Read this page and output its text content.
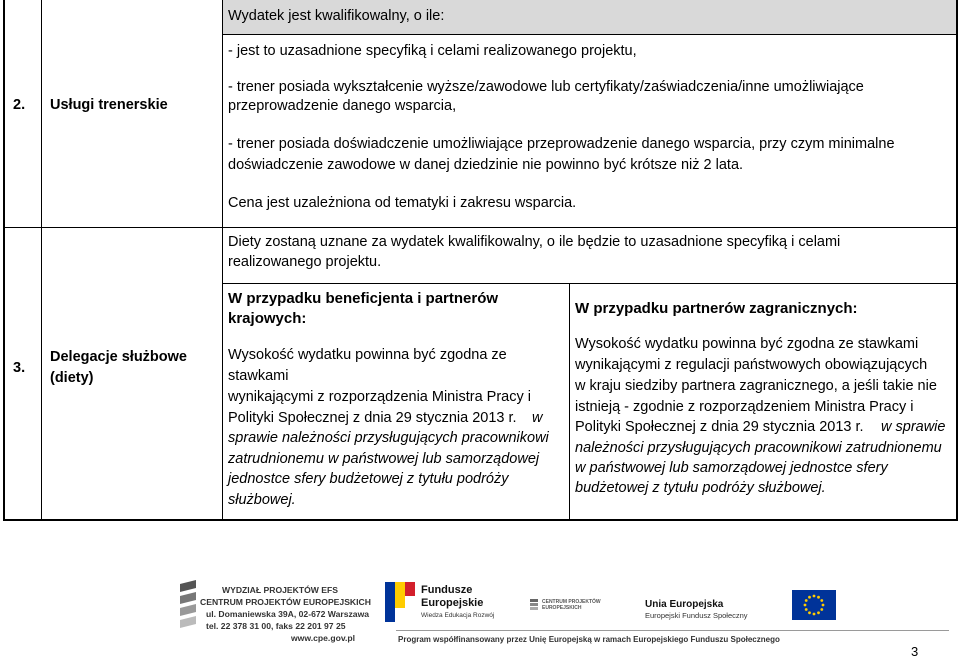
2. Usługi trenerskie
Wydatek jest kwalifikowalny, o ile:
- jest to uzasadnione specyfiką i celami realizowanego projektu,
- trener posiada wykształcenie wyższe/zawodowe lub certyfikaty/zaświadczenia/inne umożliwiające
przeprowadzenie danego wsparcia,
- trener posiada doświadczenie umożliwiające przeprowadzenie danego wsparcia, przy czym minimalne
doświadczenie zawodowe w danej dziedzinie nie powinno być krótsze niż 2 lata.
Cena jest uzależniona od tematyki i zakresu wsparcia.
3.
Delegacje służbowe
(diety)
Diety zostaną uznane za wydatek kwalifikowalny, o ile będzie to uzasadnione specyfiką i celami
realizowanego projektu.
W przypadku beneficjenta i partnerów
krajowych:
W przypadku partnerów zagranicznych:
Wysokość wydatku powinna być zgodna ze
stawkami
wynikającymi z rozporządzenia Ministra Pracy i
Polityki Społecznej z dnia 29 stycznia 2013 r. w
sprawie należności przysługujących pracownikowi
zatrudnionemu w państwowej lub samorządowej
jednostce sfery budżetowej z tytułu podróży
służbowej.
Wysokość wydatku powinna być zgodna ze stawkami
wynikającymi z regulacji państwowych obowiązujących
w kraju siedziby partnera zagranicznego, a jeśli takie nie
istnieją - zgodnie z rozporządzeniem Ministra Pracy i
Polityki Społecznej z dnia 29 stycznia 2013 r. w sprawie
należności przysługujących pracownikowi zatrudnionemu
w państwowej lub samorządowej jednostce sfery
budżetowej z tytułu podróży służbowej.
WYDZIAŁ PROJEKTÓW EFS
CENTRUM PROJEKTÓW EUROPEJSKICH
ul. Domaniewska 39A, 02-672 Warszawa
tel. 22 378 31 00, faks 22 201 97 25
www.cpe.gov.pl
Fundusze
Europejskie
Wiedza Edukacja Rozwój
CENTRUM PROJEKTÓW
EUROPEJSKICH	Unia Europejska
Europejski Fundusz Społeczny
Program współfinansowany przez Unię Europejską w ramach Europejskiego Funduszu Społecznego
3
